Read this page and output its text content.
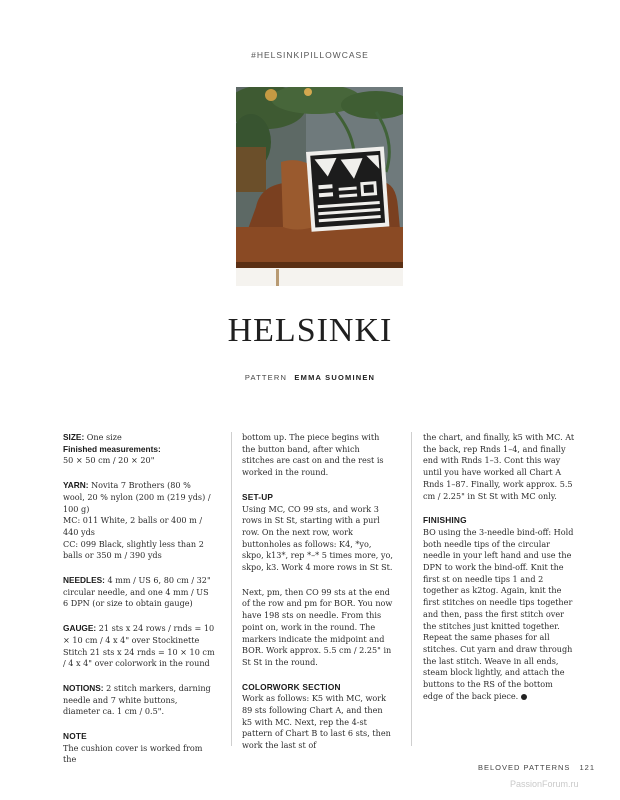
#HELSINKIPILLOWCASE
HELSINKI
PATTERN EMMA SUOMINEN

SIZE: One size

Finished measurements:

50 × 50 cm / 20 × 20"

YARN: Novita 7 Brothers (80 % wool, 20 % nylon (200 m (219 yds) / 100 g)

MC: 011 White, 2 balls or 400 m / 440 yds

CC: 099 Black, slightly less than 2 balls or 350 m / 390 yds

NEEDLES: 4 mm / US 6, 80 cm / 32" circular needle, and one 4 mm / US 6 DPN (or size to obtain gauge)

GAUGE: 21 sts x 24 rows / rnds = 10 × 10 cm / 4 x 4" over Stockinette Stitch 21 sts x 24 rnds = 10 × 10 cm / 4 x 4" over colorwork in the round

NOTIONS: 2 stitch markers, darning needle and 7 white buttons, diameter ca. 1 cm / 0.5".

NOTE

The cushion cover is worked from the

bottom up. The piece begins with the button band, after which stitches are cast on and the rest is worked in the round.

SET-UP

Using MC, CO 99 sts, and work 3 rows in St St, starting with a purl row. On the next row, work buttonholes as follows: K4, *yo, skpo, k13*, rep *–* 5 times more, yo, skpo, k3. Work 4 more rows in St St.

Next, pm, then CO 99 sts at the end of the row and pm for BOR. You now have 198 sts on needle. From this point on, work in the round. The markers indicate the midpoint and BOR. Work approx. 5.5 cm / 2.25" in St St in the round.

COLORWORK SECTION

Work as follows: K5 with MC, work 89 sts following Chart A, and then k5 with MC. Next, rep the 4-st pattern of Chart B to last 6 sts, then work the last st of

the chart, and finally, k5 with MC. At the back, rep Rnds 1–4, and finally end with Rnds 1–3. Cont this way until you have worked all Chart A Rnds 1–87. Finally, work approx. 5.5 cm / 2.25" in St St with MC only.

FINISHING

BO using the 3-needle bind-off: Hold both needle tips of the circular needle in your left hand and use the DPN to work the bind-off. Knit the first st on needle tips 1 and 2 together as k2tog. Again, knit the first stitches on needle tips together and then, pass the first stitch over the stitches just knitted together. Repeat the same phases for all stitches. Cut yarn and draw through the last stitch. Weave in all ends, steam block lightly, and attach the buttons to the RS of the bottom edge of the back piece.

BELOVED PATTERNS 121
PassionForum.ru
